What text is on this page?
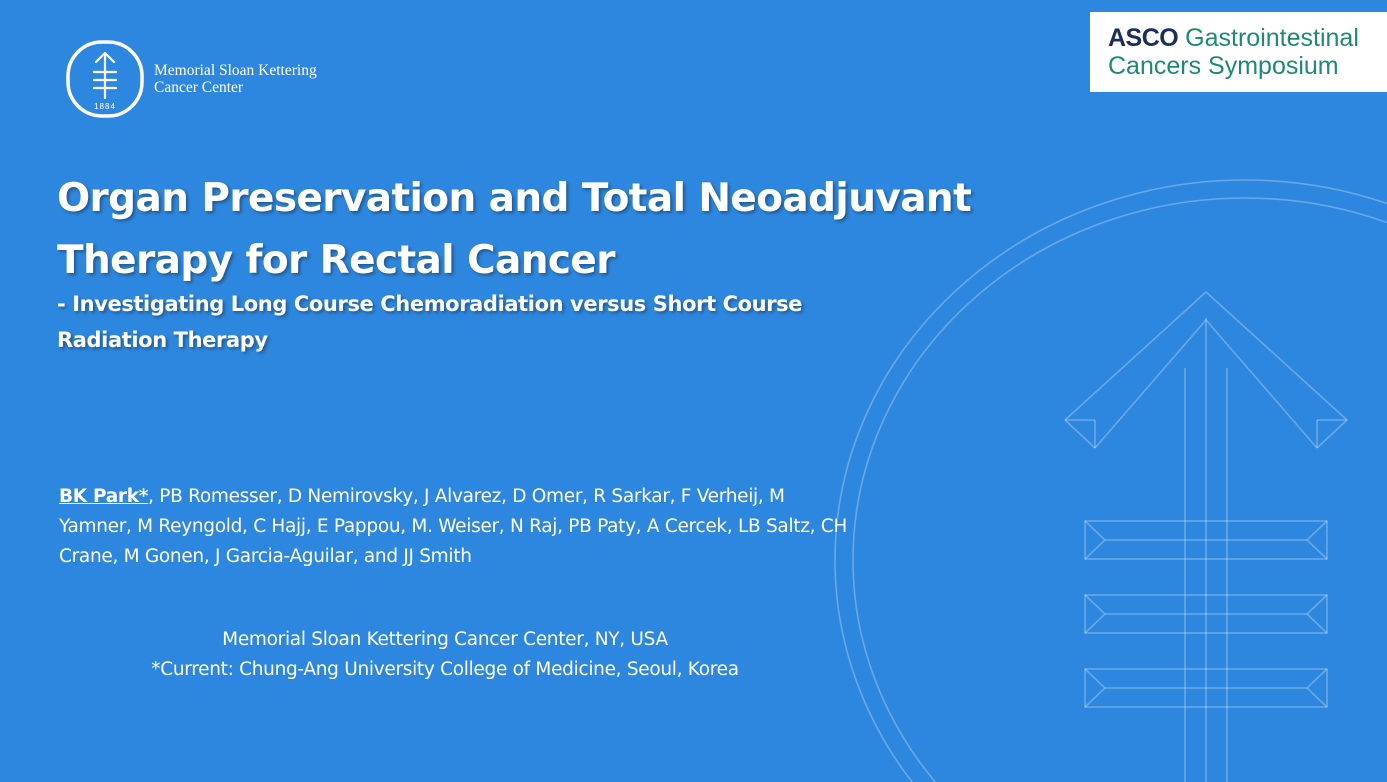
1884
Memorial Sloan Kettering
Cancer Center
ASCO Gastrointestinal
Cancers Symposium
Organ Preservation and Total Neoadjuvant
Therapy for Rectal Cancer
- Investigating Long Course Chemoradiation versus Short Course
Radiation Therapy
BK Park*, PB Romesser, D Nemirovsky, J Alvarez, D Omer, R Sarkar, F Verheij, M Yamner, M Reyngold, C Hajj, E Pappou, M. Weiser, N Raj, PB Paty, A Cercek, LB Saltz, CH Crane, M Gonen, J Garcia-Aguilar, and JJ Smith
Memorial Sloan Kettering Cancer Center, NY, USA
*Current: Chung-Ang University College of Medicine, Seoul, Korea
